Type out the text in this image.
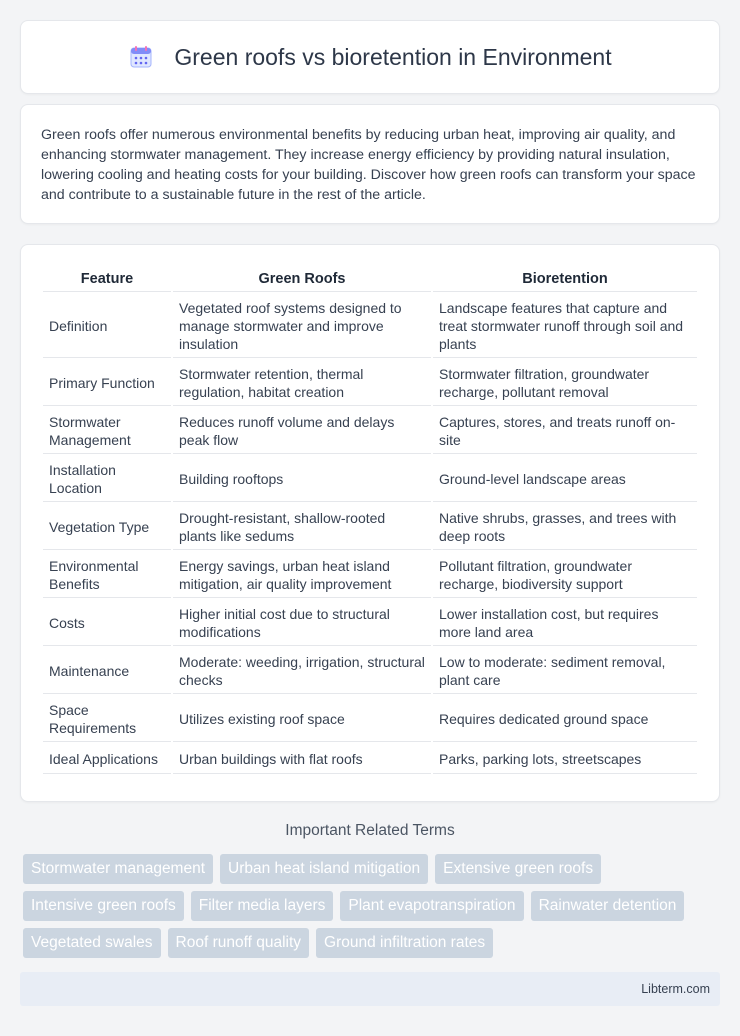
Green roofs vs bioretention in Environment

Green roofs offer numerous environmental benefits by reducing urban heat, improving air quality, and enhancing stormwater management. They increase energy efficiency by providing natural insulation, lowering cooling and heating costs for your building. Discover how green roofs can transform your space and contribute to a sustainable future in the rest of the article.

Feature	Green Roofs	Bioretention
Definition	Vegetated roof systems designed to manage stormwater and improve insulation	Landscape features that capture and treat stormwater runoff through soil and plants
Primary Function	Stormwater retention, thermal regulation, habitat creation	Stormwater filtration, groundwater recharge, pollutant removal
Stormwater Management	Reduces runoff volume and delays peak flow	Captures, stores, and treats runoff on-site
Installation Location	Building rooftops	Ground-level landscape areas
Vegetation Type	Drought-resistant, shallow-rooted plants like sedums	Native shrubs, grasses, and trees with deep roots
Environmental Benefits	Energy savings, urban heat island mitigation, air quality improvement	Pollutant filtration, groundwater recharge, biodiversity support
Costs	Higher initial cost due to structural modifications	Lower installation cost, but requires more land area
Maintenance	Moderate: weeding, irrigation, structural checks	Low to moderate: sediment removal, plant care
Space Requirements	Utilizes existing roof space	Requires dedicated ground space
Ideal Applications	Urban buildings with flat roofs	Parks, parking lots, streetscapes
Important Related Terms
Stormwater management	Urban heat island mitigation	Extensive green roofs
Intensive green roofs	Filter media layers	Plant evapotranspiration	Rainwater detention
Vegetated swales	Roof runoff quality	Ground infiltration rates
Libterm.com
